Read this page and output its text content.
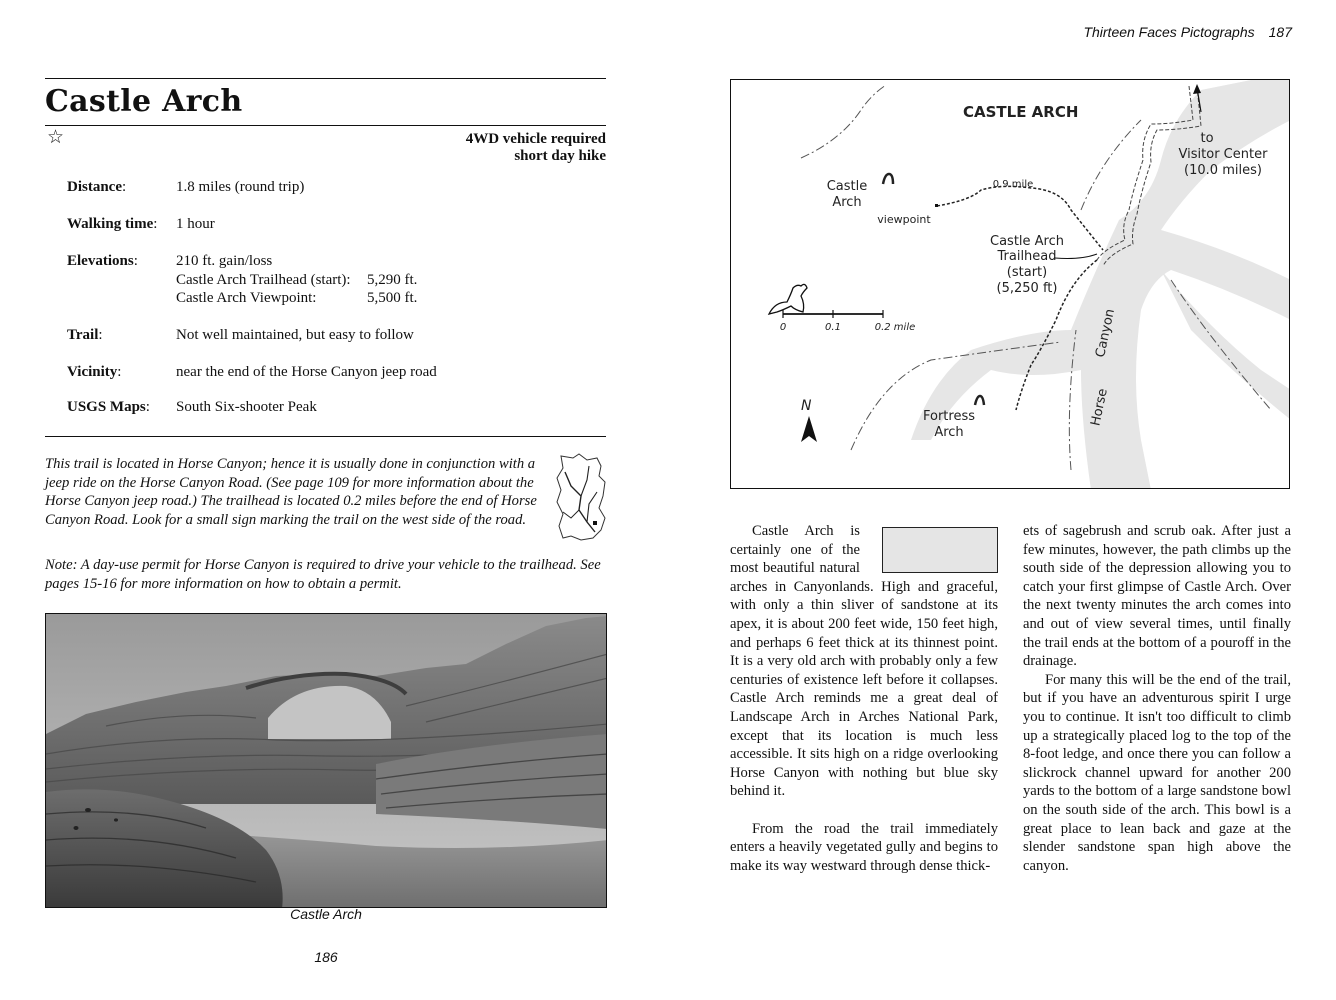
Castle Arch
☆	4WD vehicle required
short day hike
Distance:	1.8 miles (round trip)
Walking time: 1 hour
Elevations:	210 ft. gain/loss
Castle Arch Trailhead (start): 5,290 ft.
Castle Arch Viewpoint:	5,500 ft.
Trail:	Not well maintained, but easy to follow
Vicinity:	near the end of the Horse Canyon jeep road
USGS Maps: South Six-shooter Peak
This trail is located in Horse Canyon; hence it is usually done in conjunction with a jeep ride on the Horse Canyon Road. (See page 109 for more information about the Horse Canyon jeep road.) The trailhead is located 0.2 miles before the end of Horse Canyon Road. Look for a small sign marking the trail on the west side of the road.
Note: A day-use permit for Horse Canyon is required to drive your vehicle to the trailhead. See pages 15-16 for more information on how to obtain a permit.
Castle Arch
186
Thirteen Faces Pictographs 187
CASTLE ARCH
to
Visitor Center
(10.0 miles)
Castle
Arch
viewpoint
0.9 mile
Castle Arch
Trailhead
(start)
(5,250 ft)
Fortress
Arch
Horse
Canyon
0	0.1	0.2 mile
N

Castle Arch is certainly one of the most beautiful natural arches in Canyonlands. High and graceful, with only a thin sliver of sandstone at its apex, it is about 200 feet wide, 150 feet high, and perhaps 6 feet thick at its thinnest point. It is a very old arch with probably only a few centuries of existence left before it collapses. Castle Arch reminds me a great deal of Landscape Arch in Arches National Park, except that its location is much less accessible. It sits high on a ridge overlooking Horse Canyon with nothing but blue sky behind it.

From the road the trail immediately enters a heavily vegetated gully and begins to make its way westward through dense thick-

ets of sagebrush and scrub oak. After just a few minutes, however, the path climbs up the south side of the depression allowing you to catch your first glimpse of Castle Arch. Over the next twenty minutes the arch comes into and out of view several times, until finally the trail ends at the bottom of a pouroff in the drainage.

For many this will be the end of the trail, but if you have an adventurous spirit I urge you to continue. It isn't too difficult to climb up a strategically placed log to the top of the 8-foot ledge, and once there you can follow a slickrock channel upward for another 200 yards to the bottom of a large sandstone bowl on the south side of the arch. This bowl is a great place to lean back and gaze at the slender sandstone span high above the canyon.
